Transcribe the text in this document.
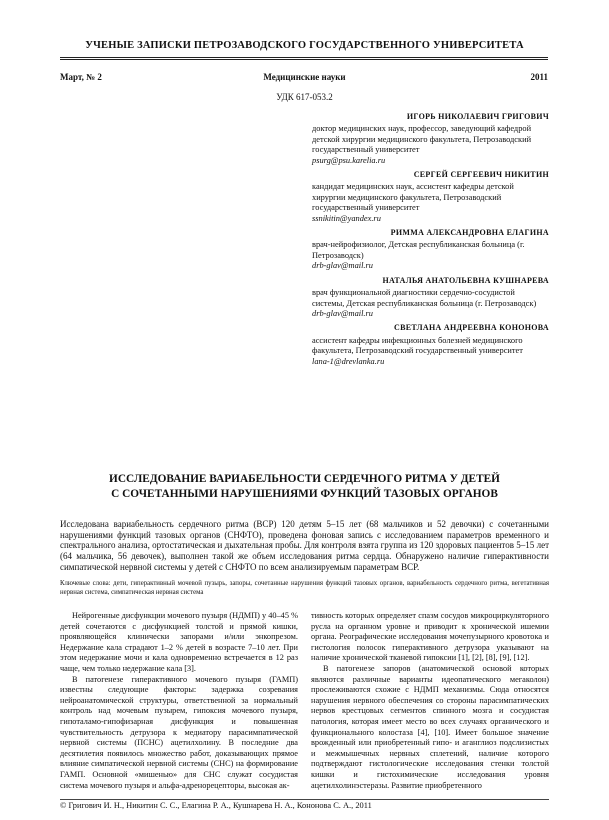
УЧЕНЫЕ ЗАПИСКИ ПЕТРОЗАВОДСКОГО ГОСУДАРСТВЕННОГО УНИВЕРСИТЕТА
Март, № 2	Медицинские науки	2011
УДК 617-053.2
ИГОРЬ НИКОЛАЕВИЧ ГРИГОВИЧ
доктор медицинских наук, профессор, заведующий кафедрой детской хирургии медицинского факультета, Петрозаводский государственный университет
psurg@psu.karelia.ru
СЕРГЕЙ СЕРГЕЕВИЧ НИКИТИН
кандидат медицинских наук, ассистент кафедры детской хирургии медицинского факультета, Петрозаводский государственный университет
ssnikitin@yandex.ru
РИММА АЛЕКСАНДРОВНА ЕЛАГИНА
врач-нейрофизиолог, Детская республиканская больница (г. Петрозаводск)
drb-glav@mail.ru
НАТАЛЬЯ АНАТОЛЬЕВНА КУШНАРЕВА
врач функциональной диагностики сердечно-сосудистой системы, Детская республиканская больница (г. Петрозаводск)
drb-glav@mail.ru
СВЕТЛАНА АНДРЕЕВНА КОНОНОВА
ассистент кафедры инфекционных болезней медицинского факультета, Петрозаводский государственный университет
lana-1@drevlanka.ru
ИССЛЕДОВАНИЕ ВАРИАБЕЛЬНОСТИ СЕРДЕЧНОГО РИТМА У ДЕТЕЙ
С СОЧЕТАННЫМИ НАРУШЕНИЯМИ ФУНКЦИЙ ТАЗОВЫХ ОРГАНОВ
Исследована вариабельность сердечного ритма (ВСР) 120 детям 5–15 лет (68 мальчиков и 52 девочки) с сочетанными нарушениями функций тазовых органов (СНФТО), проведена фоновая запись с исследованием параметров временного и спектрального анализа, ортостатическая и дыхательная пробы. Для контроля взята группа из 120 здоровых пациентов 5–15 лет (64 мальчика, 56 девочек), выполнен такой же объем исследования ритма сердца. Обнаружено наличие гиперактивности симпатической нервной системы у детей с СНФТО по всем анализируемым параметрам ВСР.
Ключевые слова: дети, гиперактивный мочевой пузырь, запоры, сочетанные нарушения функций тазовых органов, вариабельность сердечного ритма, вегетативная нервная система, симпатическая нервная система

Нейрогенные дисфункции мочевого пузыря (НДМП) у 40–45 % детей сочетаются с дисфункцией толстой и прямой кишки, проявляющейся клинически запорами и/или энкопрезом. Недержание кала страдают 1–2 % детей в возрасте 7–10 лет. При этом недержание мочи и кала одновременно встречается в 12 раз чаще, чем только недержание кала [3].

В патогенезе гиперактивного мочевого пузыря (ГАМП) известны следующие факторы: задержка созревания нейроанатомической структуры, ответственной за нормальный контроль над мочевым пузырем, гипоксия мочевого пузыря, гипоталамо-гипофизарная дисфункция и повышенная чувствительность детрузора к медиатору парасимпатической нервной системы (ПСНС) ацетилхолину. В последние два десятилетия появилось множество работ, доказывающих прямое влияние симпатической нервной системы (СНС) на формирование ГАМП. Основной «мишенью» для СНС служат сосудистая система мочевого пузыря и альфа-адренорецепторы, высокая ак-

тивность которых определяет спазм сосудов микроциркуляторного русла на органном уровне и приводит к хронической ишемии органа. Реографические исследования мочепузырного кровотока и гистология полосок гиперактивного детрузора указывают на наличие хронической тканевой гипоксии [1], [2], [8], [9], [12].

В патогенезе запоров (анатомической основой которых являются различные варианты идеопатического мегаколон) прослеживаются схожие с НДМП механизмы. Сюда относятся нарушения нервного обеспечения со стороны парасимпатических нервов крестцовых сегментов спинного мозга и сосудистая патология, которая имеет место во всех случаях органического и функционального колостаза [4], [10]. Имеет большое значение врожденный или приобретенный гипо- и аганглиоз подслизистых и межмышечных нервных сплетений, наличие которого подтверждают гистологические исследования стенки толстой кишки и гистохимические исследования уровня ацетилхолинэстеразы. Развитие приобретенного

© Григович И. Н., Никитин С. С., Елагина Р. А., Кушнарева Н. А., Кононова С. А., 2011
